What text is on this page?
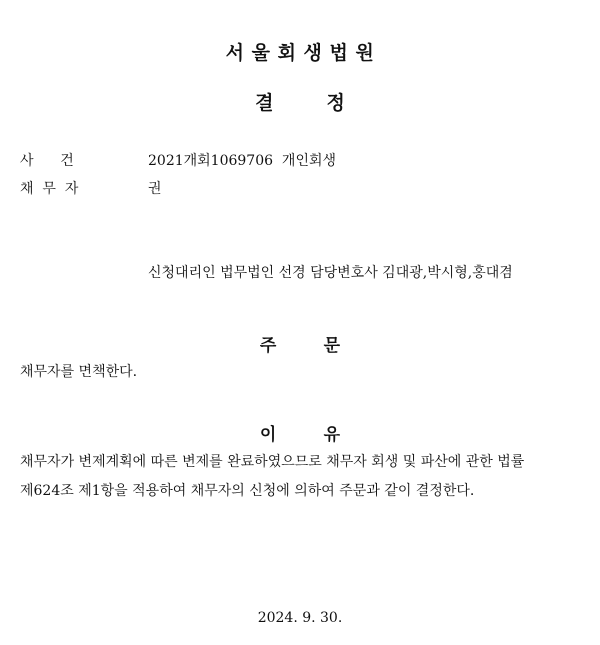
서 울 회 생 법 원
결        정
사      건	2021개회1069706  개인회생
채  무  자	권
신청대리인 법무법인 선경 담당변호사 김대광,박시형,홍대겸
주        문
채무자를 면책한다.
이        유
채무자가 변제계획에 따른 변제를 완료하였으므로 채무자 회생 및 파산에 관한 법률
제624조 제1항을 적용하여 채무자의 신청에 의하여 주문과 같이 결정한다.
2024. 9. 30.
